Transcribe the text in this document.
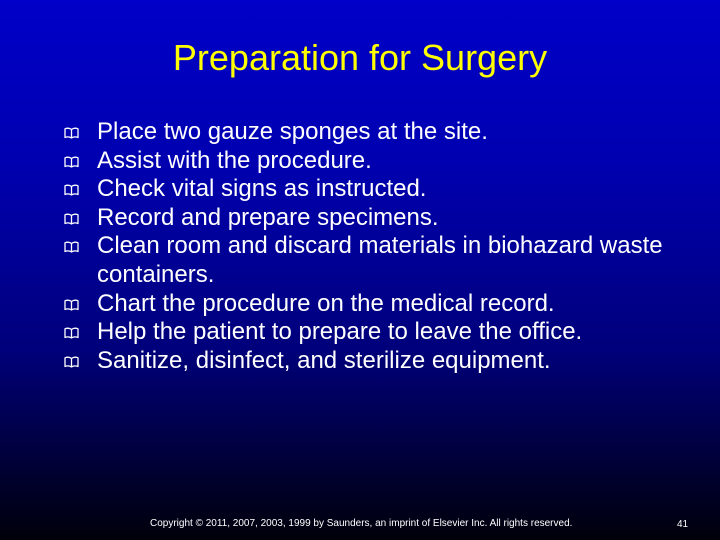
Preparation for Surgery
Place two gauze sponges at the site.
Assist with the procedure.
Check vital signs as instructed.
Record and prepare specimens.
Clean room and discard materials in biohazard waste containers.
Chart the procedure on the medical record.
Help the patient to prepare to leave the office.
Sanitize, disinfect, and sterilize equipment.
Copyright © 2011, 2007, 2003, 1999 by Saunders, an imprint of Elsevier Inc. All rights reserved.	41
